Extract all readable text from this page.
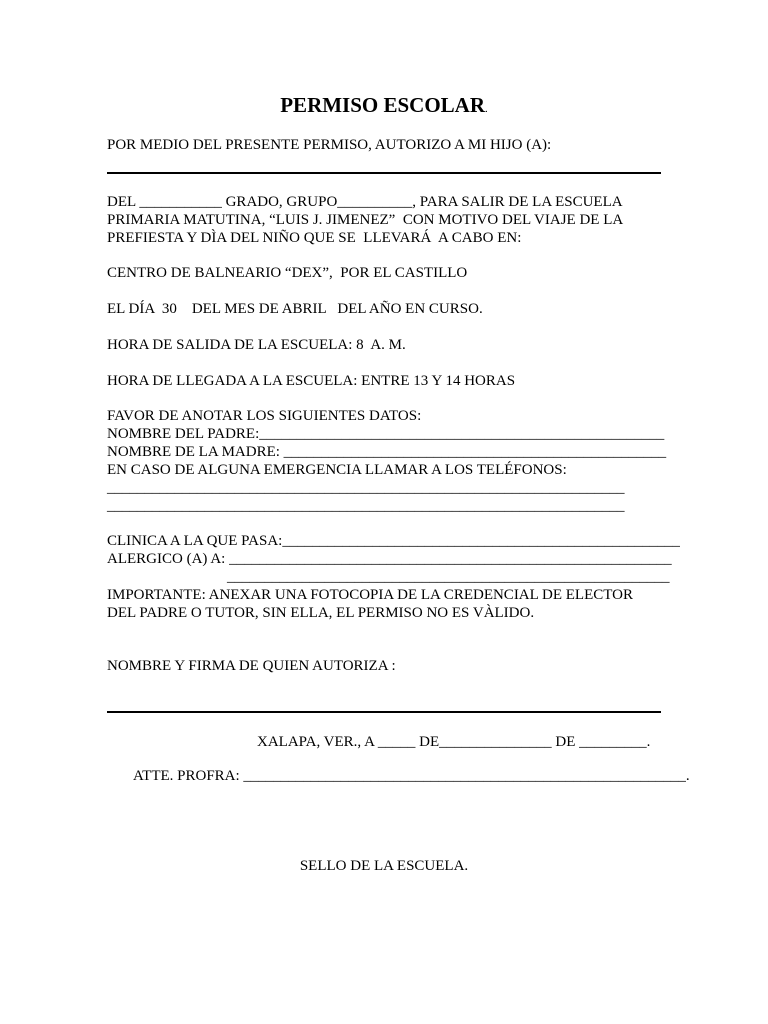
PERMISO ESCOLAR.

POR MEDIO DEL PRESENTE PERMISO, AUTORIZO A MI HIJO (A):

DEL ___________ GRADO, GRUPO__________, PARA SALIR DE LA ESCUELA

PRIMARIA MATUTINA, “LUIS J. JIMENEZ”  CON MOTIVO DEL VIAJE DE LA

PREFIESTA Y DÌA DEL NIÑO QUE SE  LLEVARÁ  A CABO EN:

CENTRO DE BALNEARIO “DEX”,  POR EL CASTILLO

EL DÍA  30    DEL MES DE ABRIL   DEL AÑO EN CURSO.

HORA DE SALIDA DE LA ESCUELA: 8  A. M.

HORA DE LLEGADA A LA ESCUELA: ENTRE 13 Y 14 HORAS

FAVOR DE ANOTAR LOS SIGUIENTES DATOS:

NOMBRE DEL PADRE:______________________________________________________

NOMBRE DE LA MADRE: ___________________________________________________

EN CASO DE ALGUNA EMERGENCIA LLAMAR A LOS TELÉFONOS:

_____________________________________________________________________

_____________________________________________________________________

CLINICA A LA QUE PASA:_____________________________________________________

ALERGICO (A) A: ___________________________________________________________

___________________________________________________________

IMPORTANTE: ANEXAR UNA FOTOCOPIA DE LA CREDENCIAL DE ELECTOR

DEL PADRE O TUTOR, SIN ELLA, EL PERMISO NO ES VÀLIDO.

NOMBRE Y FIRMA DE QUIEN AUTORIZA :

XALAPA, VER., A _____ DE_______________ DE _________.

ATTE. PROFRA: ___________________________________________________________.

SELLO DE LA ESCUELA.
